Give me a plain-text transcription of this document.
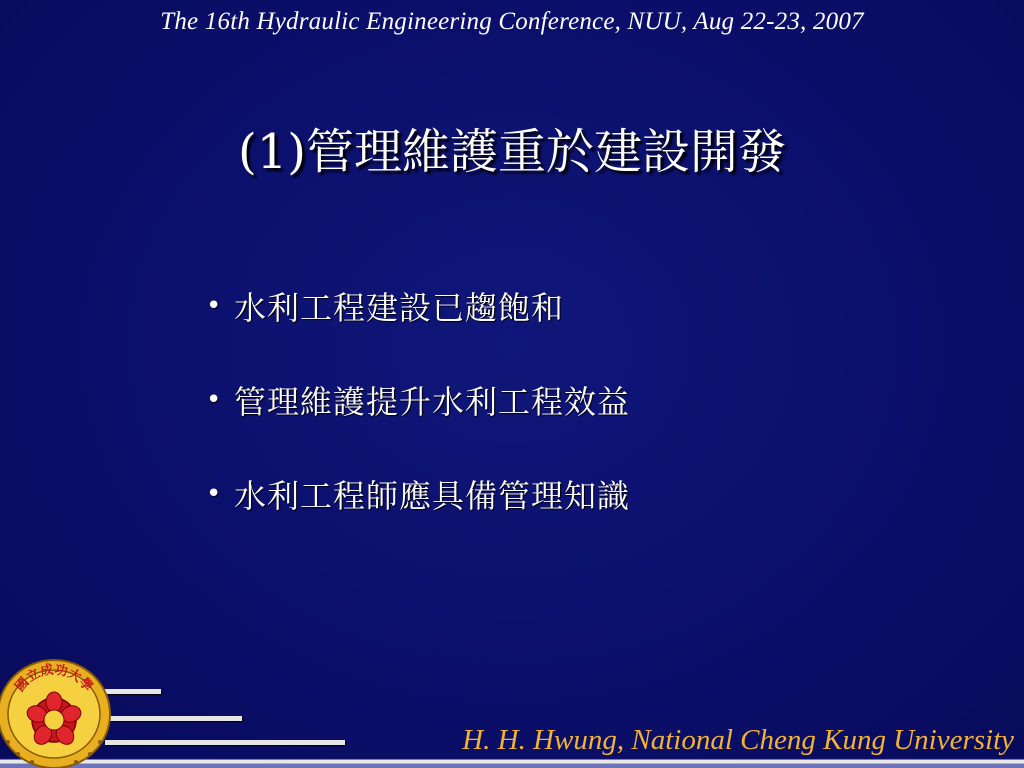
The 16th Hydraulic Engineering Conference, NUU, Aug 22-23, 2007
(1)管理維護重於建設開發
• 水利工程建設已趨飽和
• 管理維護提升水利工程效益
• 水利工程師應具備管理知識
國立成功大學
H. H. Hwung, National Cheng Kung University
